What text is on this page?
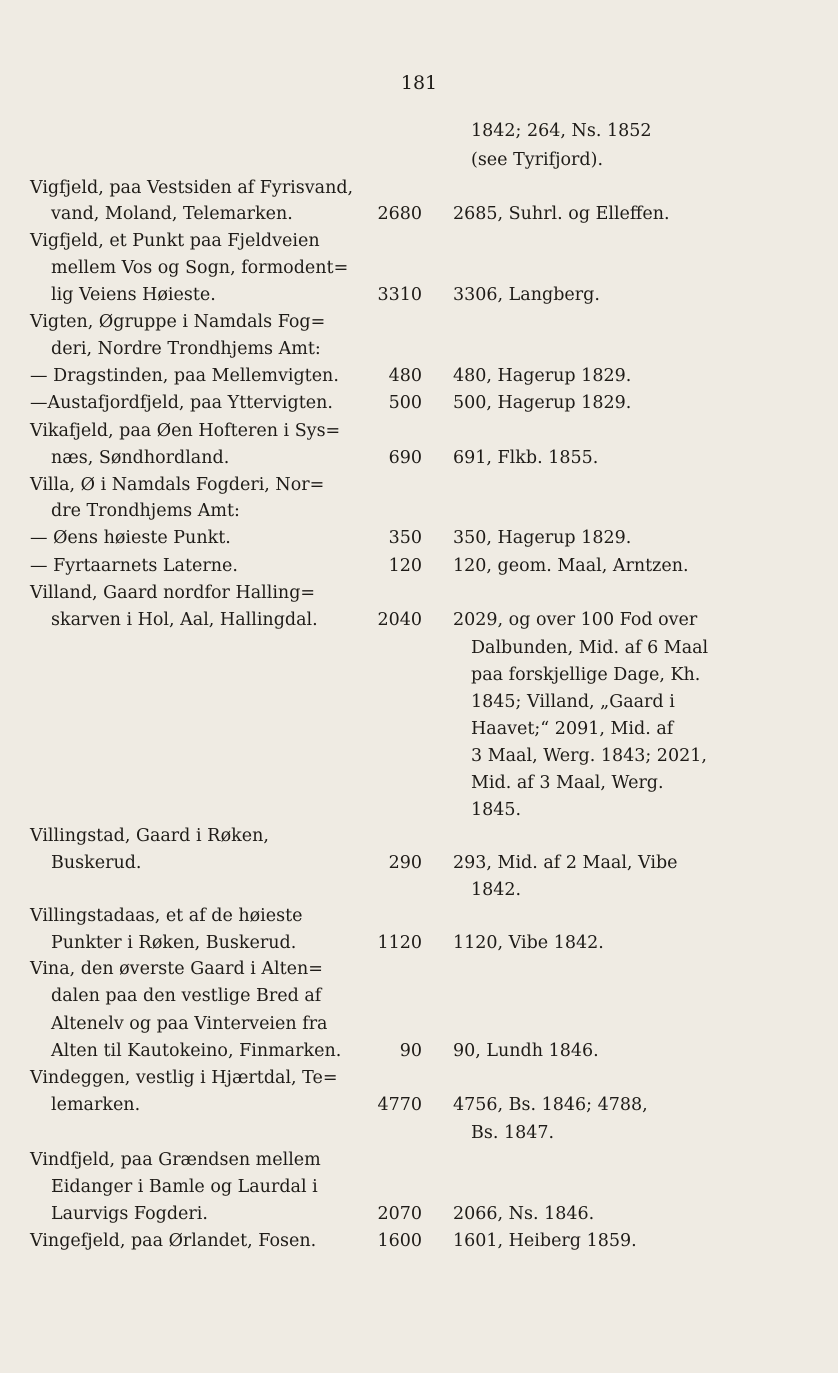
181
1842; 264, Ns. 1852
(see Tyrifjord).
Vigfjeld, paa Vestsiden af Fyrisvand,
vand, Moland, Telemarken.	2680 2685, Suhrl. og Elleffen.
Vigfjeld, et Punkt paa Fjeldveien
mellem Vos og Sogn, formodent=
lig Veiens Høieste.	3310 3306, Langberg.
Vigten, Øgruppe i Namdals Fog=
deri, Nordre Trondhjems Amt:
— Dragstinden, paa Mellemvigten.	480 480, Hagerup 1829.
—Austafjordfjeld, paa Yttervigten.	500 500, Hagerup 1829.
Vikafjeld, paa Øen Hofteren i Sys=
næs, Søndhordland.	690 691, Flkb. 1855.
Villa, Ø i Namdals Fogderi, Nor=
dre Trondhjems Amt:
— Øens høieste Punkt.	350 350, Hagerup 1829.
— Fyrtaarnets Laterne.	120 120, geom. Maal, Arntzen.
Villand, Gaard nordfor Halling=
skarven i Hol, Aal, Hallingdal.	2040 2029, og over 100 Fod over
Dalbunden, Mid. af 6 Maal
paa forskjellige Dage, Kh.
1845; Villand, „Gaard i
Haavet;“ 2091, Mid. af
3 Maal, Werg. 1843; 2021,
Mid. af 3 Maal, Werg.
1845.
Villingstad, Gaard i Røken,
Buskerud.	290 293, Mid. af 2 Maal, Vibe
1842.
Villingstadaas, et af de høieste
Punkter i Røken, Buskerud.	1120 1120, Vibe 1842.
Vina, den øverste Gaard i Alten=
dalen paa den vestlige Bred af
Altenelv og paa Vinterveien fra
Alten til Kautokeino, Finmarken.	90 90, Lundh 1846.
Vindeggen, vestlig i Hjærtdal, Te=
lemarken.	4770 4756, Bs. 1846; 4788,
Bs. 1847.
Vindfjeld, paa Grændsen mellem
Eidanger i Bamle og Laurdal i
Laurvigs Fogderi.	2070 2066, Ns. 1846.
Vingefjeld, paa Ørlandet, Fosen.	1600 1601, Heiberg 1859.
